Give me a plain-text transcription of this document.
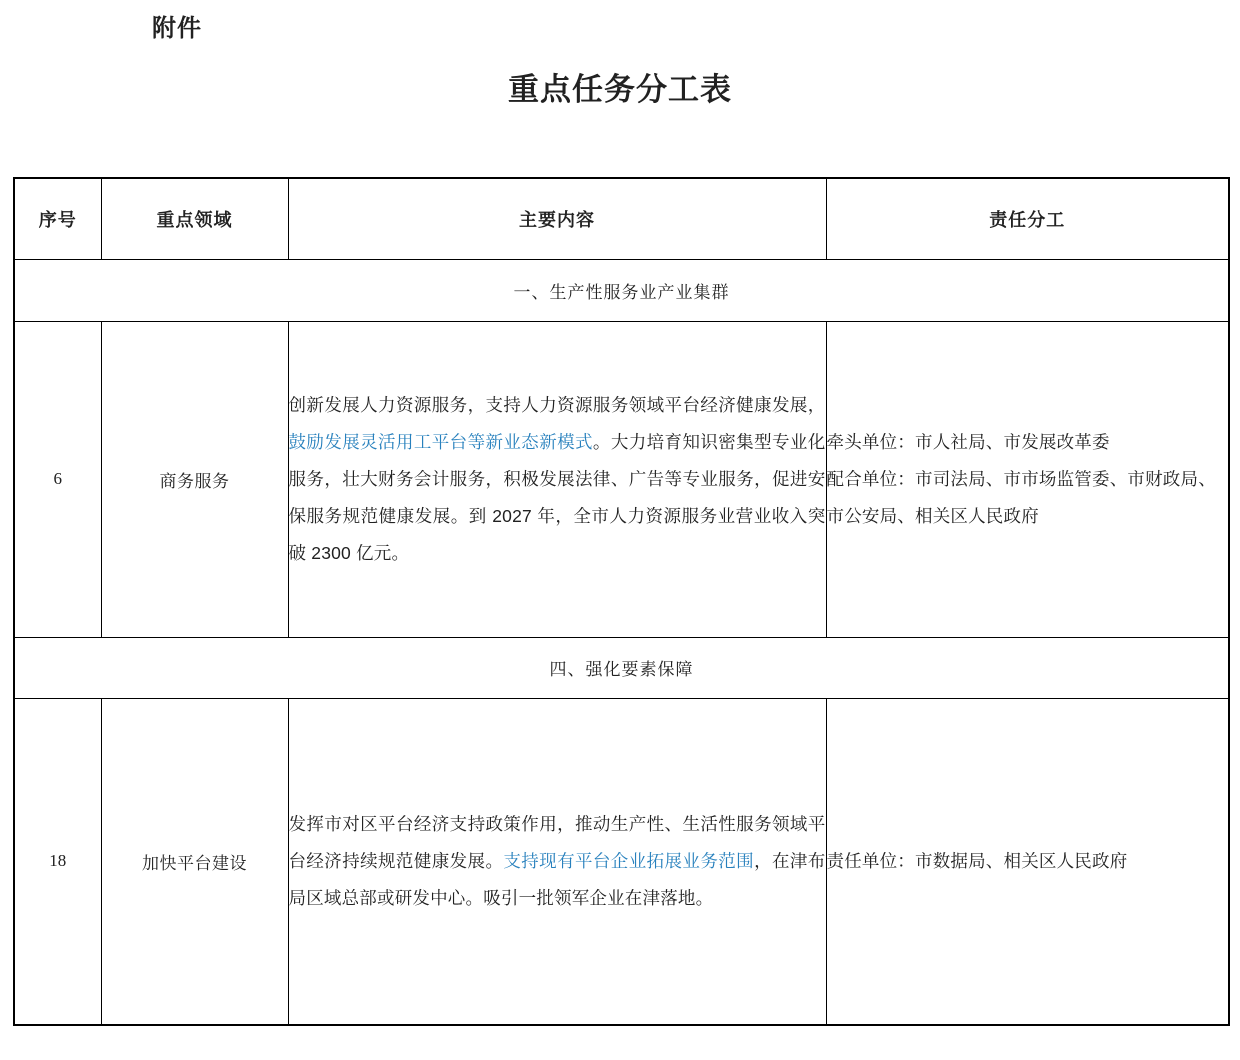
附件
重点任务分工表
序号	重点领域	主要内容	责任分工
一、生产性服务业产业集群			
6	商务服务	创新发展人力资源服务，支持人力资源服务领域平台经济健康发展，鼓励发展灵活用工平台等新业态新模式。大力培育知识密集型专业化服务，壮大财务会计服务，积极发展法律、广告等专业服务，促进安保服务规范健康发展。到 2027 年，全市人力资源服务业营业收入突破 2300 亿元。	牵头单位：市人社局、市发展改革委
配合单位：市司法局、市市场监管委、市财政局、市公安局、相关区人民政府

四、强化要素保障			
18	加快平台建设	发挥市对区平台经济支持政策作用，推动生产性、生活性服务领域平台经济持续规范健康发展。支持现有平台企业拓展业务范围，在津布局区域总部或研发中心。吸引一批领军企业在津落地。	责任单位：市数据局、相关区人民政府
